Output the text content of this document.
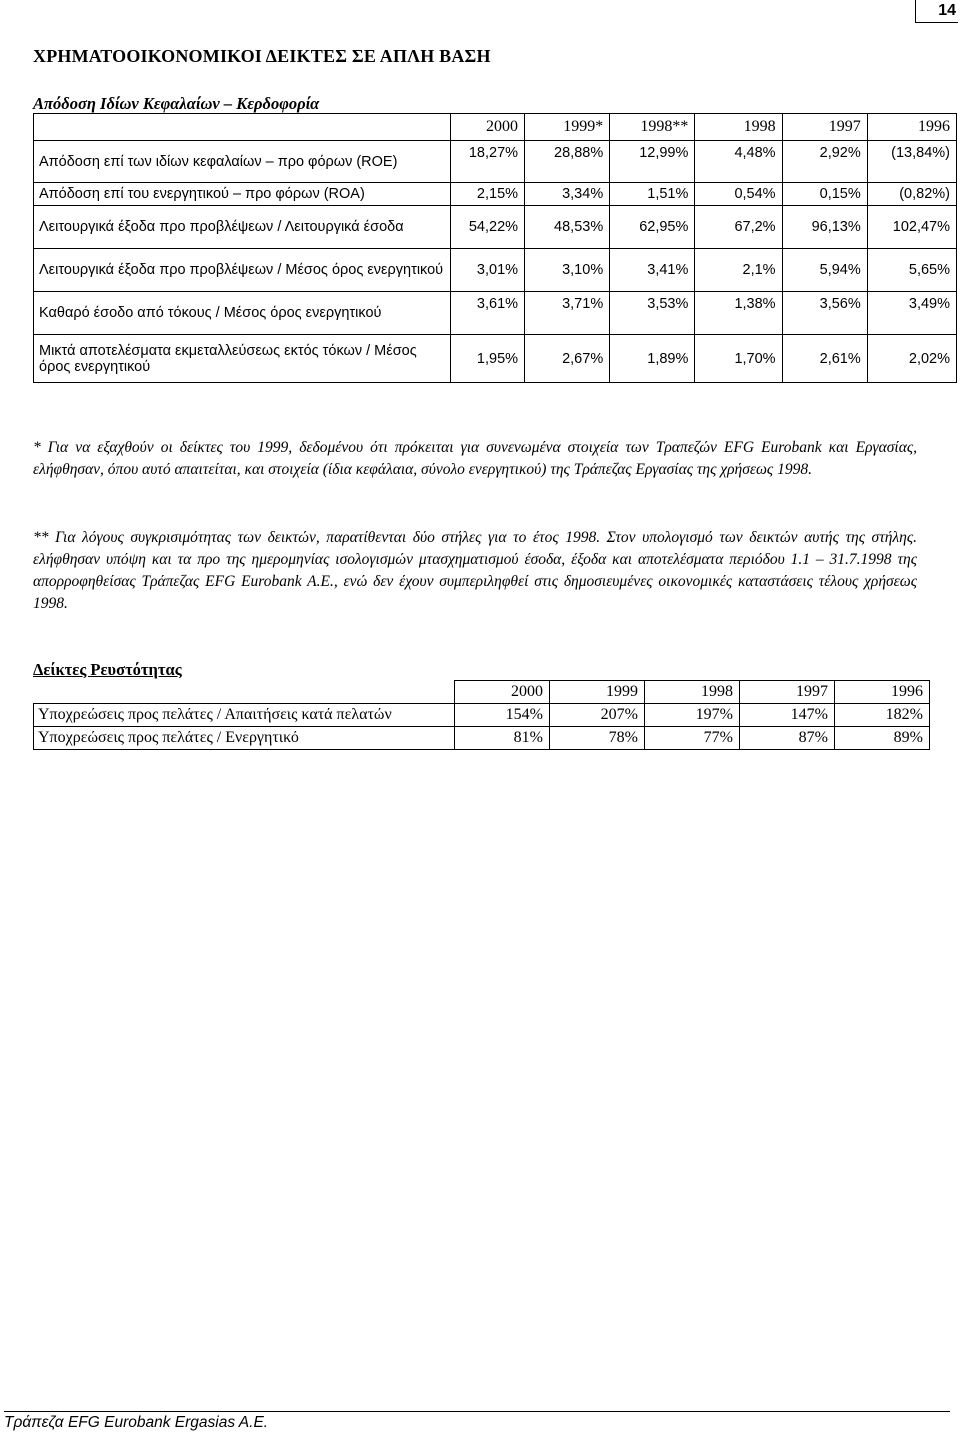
14
ΧΡΗΜΑΤΟΟΙΚΟΝΟΜΙΚΟΙ ΔΕΙΚΤΕΣ ΣΕ ΑΠΛΗ ΒΑΣΗ
Απόδοση Ιδίων Κεφαλαίων – Κερδοφορία
	2000	1999*	1998**	1998	1997	1996
Απόδοση επί των ιδίων κεφαλαίων – προ φόρων (ROE)	18,27%	28,88%	12,99%	4,48%	2,92%	(13,84%)
Απόδοση επί του ενεργητικού – προ φόρων (ROA)	2,15%	3,34%	1,51%	0,54%	0,15%	(0,82%)
Λειτουργικά έξοδα προ προβλέψεων / Λειτουργικά έσοδα	54,22%	48,53%	62,95%	67,2%	96,13%	102,47%
Λειτουργικά έξοδα προ προβλέψεων / Μέσος όρος ενεργητικού	3,01%	3,10%	3,41%	2,1%	5,94%	5,65%
Καθαρό έσοδο από τόκους / Μέσος όρος ενεργητικού	3,61%	3,71%	3,53%	1,38%	3,56%	3,49%
Μικτά αποτελέσματα εκμεταλλεύσεως εκτός τόκων / Μέσος όρος ενεργητικού	1,95%	2,67%	1,89%	1,70%	2,61%	2,02%
* Για να εξαχθούν οι δείκτες του 1999, δεδομένου ότι πρόκειται για συνενωμένα στοιχεία των Τραπεζών EFG Eurobank και Εργασίας, ελήφθησαν, όπου αυτό απαιτείται, και στοιχεία (ίδια κεφάλαια, σύνολο ενεργητικού) της Τράπεζας Εργασίας της χρήσεως 1998.
** Για λόγους συγκρισιμότητας των δεικτών, παρατίθενται δύο στήλες για το έτος 1998. Στον υπολογισμό των δεικτών αυτής της στήλης. ελήφθησαν υπόψη και τα προ της ημερομηνίας ισολογισμών μτασχηματισμού έσοδα, έξοδα και αποτελέσματα περιόδου 1.1 – 31.7.1998 της απορροφηθείσας Τράπεζας EFG Eurobank A.E., ενώ δεν έχουν συμπεριληφθεί στις δημοσιευμένες οικονομικές καταστάσεις τέλους χρήσεως 1998.
Δείκτες Ρευστότητας
	2000	1999	1998	1997	1996
Υποχρεώσεις προς πελάτες / Απαιτήσεις κατά πελατών	154%	207%	197%	147%	182%
Υποχρεώσεις προς πελάτες / Ενεργητικό	81%	78%	77%	87%	89%
Τράπεζα EFG Eurobank Ergasias A.E.
